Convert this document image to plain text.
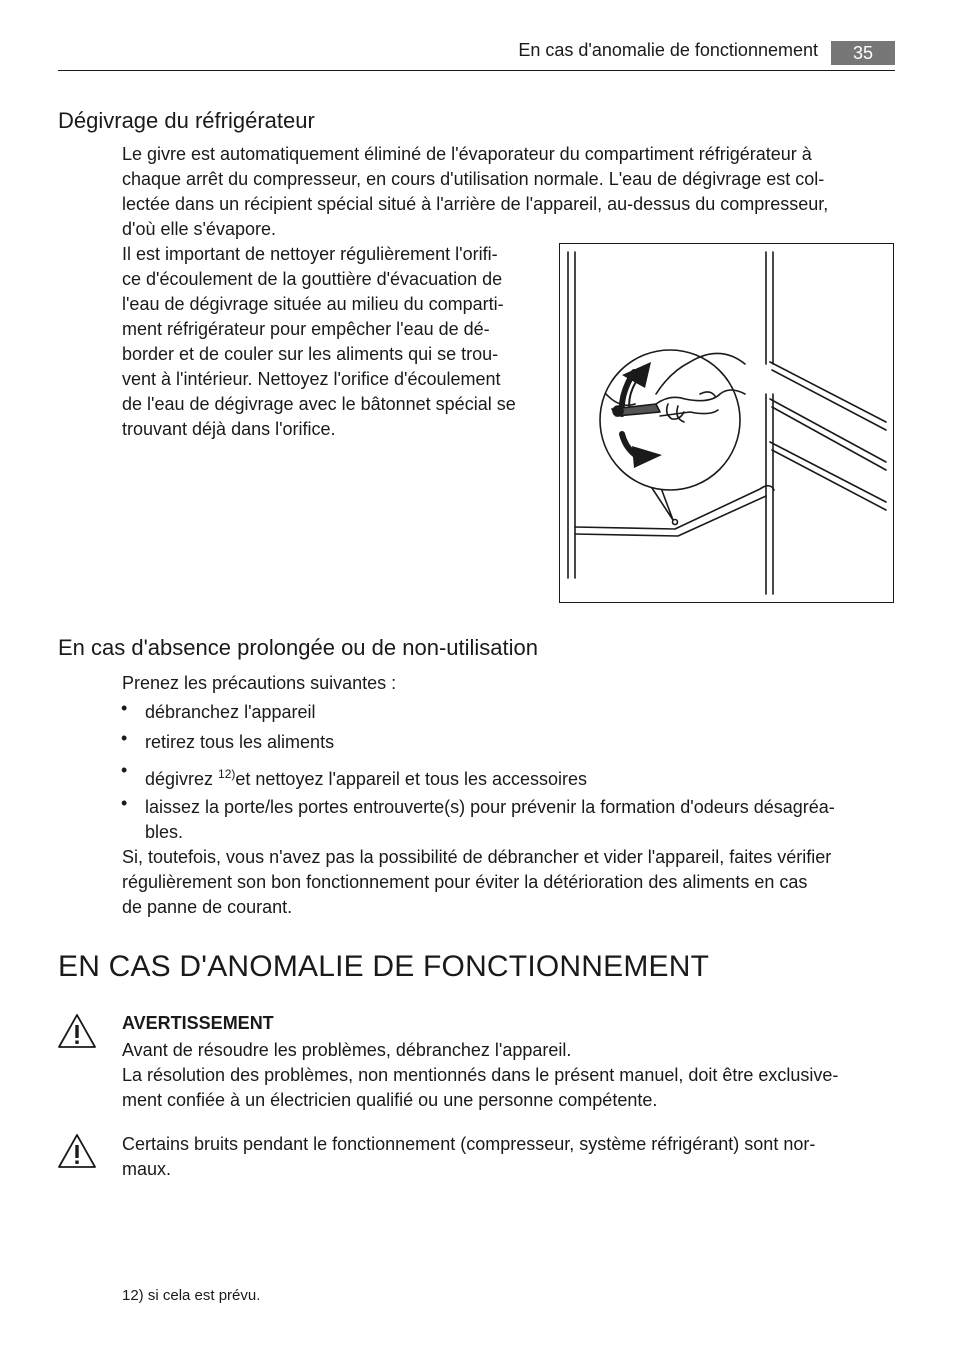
En cas d'anomalie de fonctionnement	35
Dégivrage du réfrigérateur
Le givre est automatiquement éliminé de l'évaporateur du compartiment réfrigérateur à
chaque arrêt du compresseur, en cours d'utilisation normale. L'eau de dégivrage est col-
lectée dans un récipient spécial situé à l'arrière de l'appareil, au-dessus du compresseur,
d'où elle s'évapore.
Il est important de nettoyer régulièrement l'orifi-
ce d'écoulement de la gouttière d'évacuation de
l'eau de dégivrage située au milieu du comparti-
ment réfrigérateur pour empêcher l'eau de dé-
border et de couler sur les aliments qui se trou-
vent à l'intérieur. Nettoyez l'orifice d'écoulement
de l'eau de dégivrage avec le bâtonnet spécial se
trouvant déjà dans l'orifice.
En cas d'absence prolongée ou de non-utilisation
Prenez les précautions suivantes :
• débranchez l'appareil
• retirez tous les aliments
• dégivrez $^{12)}$et nettoyez l'appareil et tous les accessoires
• laissez la porte/les portes entrouverte(s) pour prévenir la formation d'odeurs désagréa-
bles.
Si, toutefois, vous n'avez pas la possibilité de débrancher et vider l'appareil, faites vérifier
régulièrement son bon fonctionnement pour éviter la détérioration des aliments en cas
de panne de courant.
EN CAS D'ANOMALIE DE FONCTIONNEMENT
AVERTISSEMENT
Avant de résoudre les problèmes, débranchez l'appareil.
La résolution des problèmes, non mentionnés dans le présent manuel, doit être exclusive-
ment confiée à un électricien qualifié ou une personne compétente.
Certains bruits pendant le fonctionnement (compresseur, système réfrigérant) sont nor-
maux.
12) si cela est prévu.
